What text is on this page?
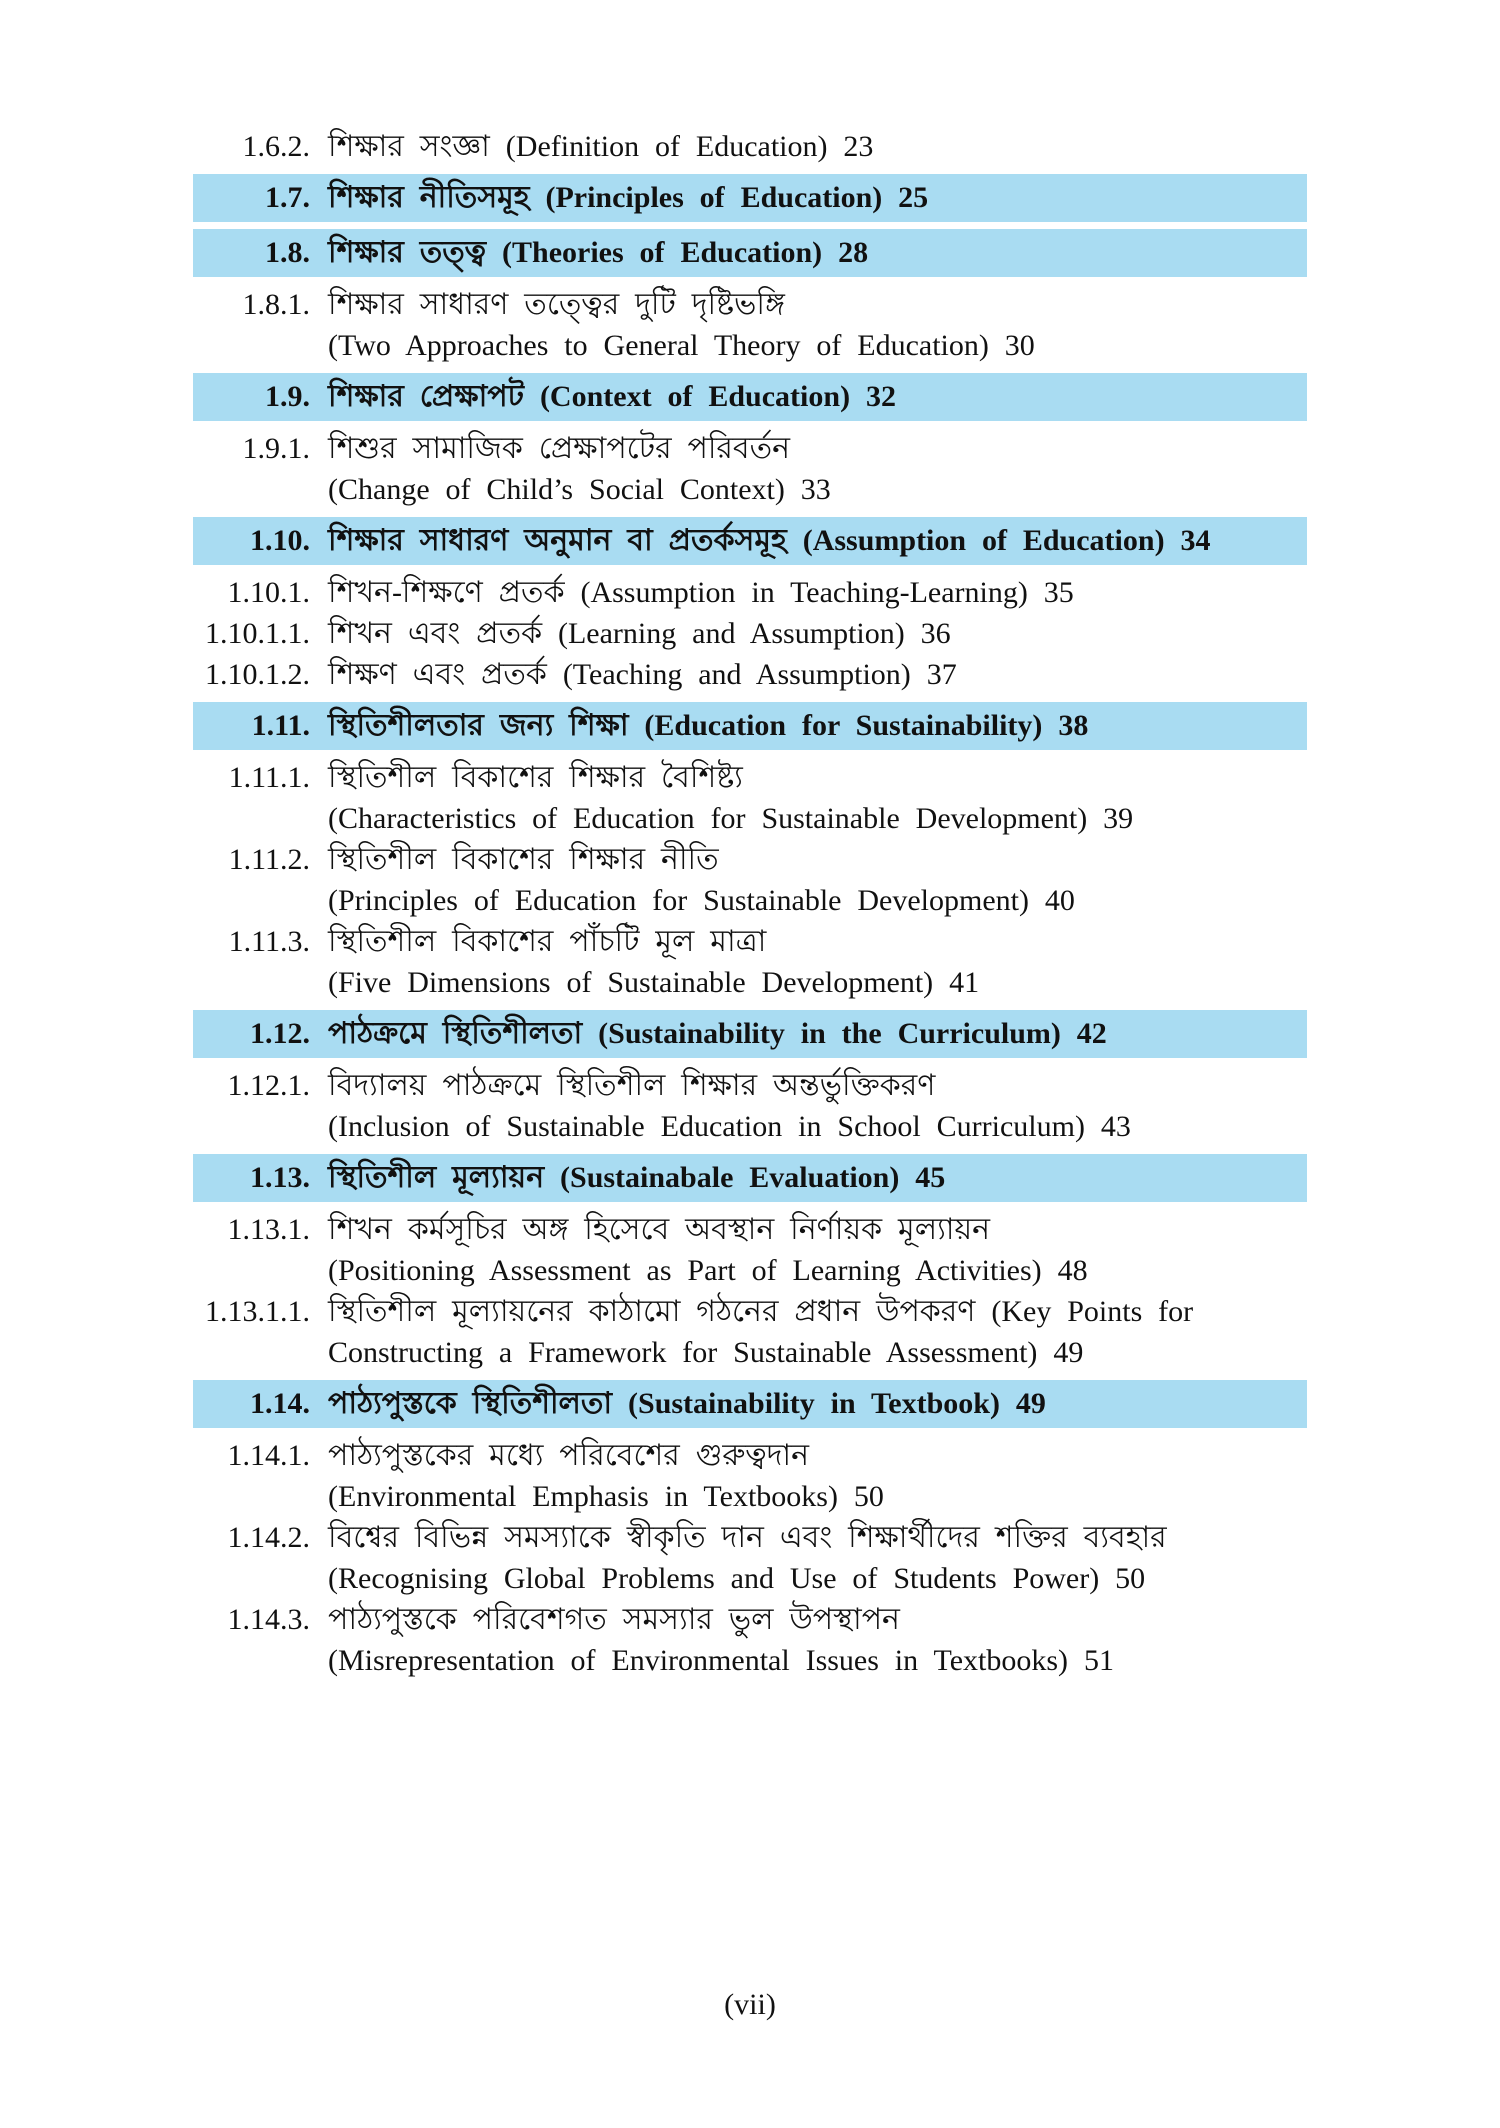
1.6.2. শিক্ষার সংজ্ঞা (Definition of Education) 23
1.7. শিক্ষার নীতিসমূহ (Principles of Education) 25
1.8. শিক্ষার তত্ত্ব (Theories of Education) 28
1.8.1. শিক্ষার সাধারণ তত্ত্বের দুটি দৃষ্টিভঙ্গি
(Two Approaches to General Theory of Education) 30
1.9. শিক্ষার প্রেক্ষাপট (Context of Education) 32
1.9.1. শিশুর সামাজিক প্রেক্ষাপটের পরিবর্তন
(Change of Child’s Social Context) 33
1.10. শিক্ষার সাধারণ অনুমান বা প্রতর্কসমূহ (Assumption of Education) 34
1.10.1. শিখন-শিক্ষণে প্রতর্ক (Assumption in Teaching-Learning) 35
1.10.1.1. শিখন এবং প্রতর্ক (Learning and Assumption) 36
1.10.1.2. শিক্ষণ এবং প্রতর্ক (Teaching and Assumption) 37
1.11. স্থিতিশীলতার জন্য শিক্ষা (Education for Sustainability) 38
1.11.1. স্থিতিশীল বিকাশের শিক্ষার বৈশিষ্ট্য
(Characteristics of Education for Sustainable Development) 39
1.11.2. স্থিতিশীল বিকাশের শিক্ষার নীতি
(Principles of Education for Sustainable Development) 40
1.11.3. স্থিতিশীল বিকাশের পাঁচটি মূল মাত্রা
(Five Dimensions of Sustainable Development) 41
1.12. পাঠক্রমে স্থিতিশীলতা (Sustainability in the Curriculum) 42
1.12.1. বিদ্যালয় পাঠক্রমে স্থিতিশীল শিক্ষার অন্তর্ভুক্তিকরণ
(Inclusion of Sustainable Education in School Curriculum) 43
1.13. স্থিতিশীল মূল্যায়ন (Sustainabale Evaluation) 45
1.13.1. শিখন কর্মসূচির অঙ্গ হিসেবে অবস্থান নির্ণায়ক মূল্যায়ন
(Positioning Assessment as Part of Learning Activities) 48
1.13.1.1. স্থিতিশীল মূল্যায়নের কাঠামো গঠনের প্রধান উপকরণ (Key Points for
Constructing a Framework for Sustainable Assessment) 49
1.14. পাঠ্যপুস্তকে স্থিতিশীলতা (Sustainability in Textbook) 49
1.14.1. পাঠ্যপুস্তকের মধ্যে পরিবেশের গুরুত্বদান
(Environmental Emphasis in Textbooks) 50
1.14.2. বিশ্বের বিভিন্ন সমস্যাকে স্বীকৃতি দান এবং শিক্ষার্থীদের শক্তির ব্যবহার
(Recognising Global Problems and Use of Students Power) 50
1.14.3. পাঠ্যপুস্তকে পরিবেশগত সমস্যার ভুল উপস্থাপন
(Misrepresentation of Environmental Issues in Textbooks) 51
(vii)
